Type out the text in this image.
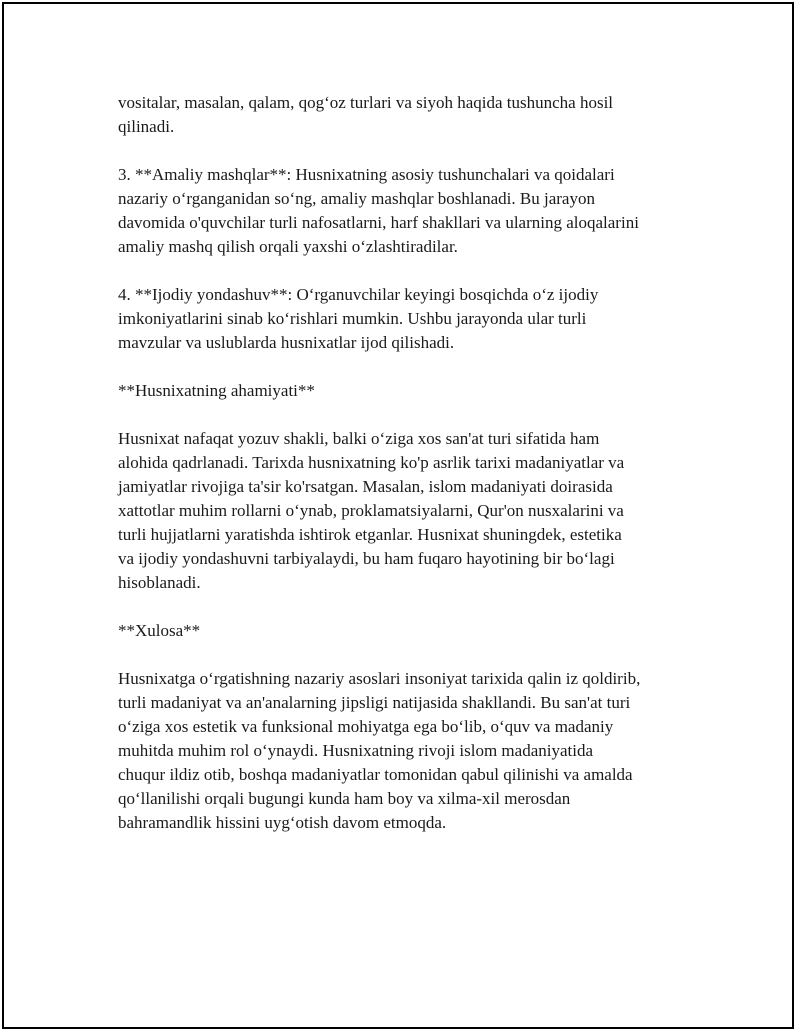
vositalar, masalan, qalam, qog‘oz turlari va siyoh haqida tushuncha hosil
qilinadi.

3. **Amaliy mashqlar**: Husnixatning asosiy tushunchalari va qoidalari
nazariy o‘rganganidan so‘ng, amaliy mashqlar boshlanadi. Bu jarayon
davomida o'quvchilar turli nafosatlarni, harf shakllari va ularning aloqalarini
amaliy mashq qilish orqali yaxshi o‘zlashtiradilar.

4. **Ijodiy yondashuv**: O‘rganuvchilar keyingi bosqichda o‘z ijodiy
imkoniyatlarini sinab ko‘rishlari mumkin. Ushbu jarayonda ular turli
mavzular va uslublarda husnixatlar ijod qilishadi.

**Husnixatning ahamiyati**

Husnixat nafaqat yozuv shakli, balki o‘ziga xos san'at turi sifatida ham
alohida qadrlanadi. Tarixda husnixatning ko'p asrlik tarixi madaniyatlar va
jamiyatlar rivojiga ta'sir ko'rsatgan. Masalan, islom madaniyati doirasida
xattotlar muhim rollarni o‘ynab, proklamatsiyalarni, Qur'on nusxalarini va
turli hujjatlarni yaratishda ishtirok etganlar. Husnixat shuningdek, estetika
va ijodiy yondashuvni tarbiyalaydi, bu ham fuqaro hayotining bir bo‘lagi
hisoblanadi.

**Xulosa**

Husnixatga o‘rgatishning nazariy asoslari insoniyat tarixida qalin iz qoldirib,
turli madaniyat va an'analarning jipsligi natijasida shakllandi. Bu san'at turi
o‘ziga xos estetik va funksional mohiyatga ega bo‘lib, o‘quv va madaniy
muhitda muhim rol o‘ynaydi. Husnixatning rivoji islom madaniyatida
chuqur ildiz otib, boshqa madaniyatlar tomonidan qabul qilinishi va amalda
qo‘llanilishi orqali bugungi kunda ham boy va xilma-xil merosdan
bahramandlik hissini uyg‘otish davom etmoqda.
